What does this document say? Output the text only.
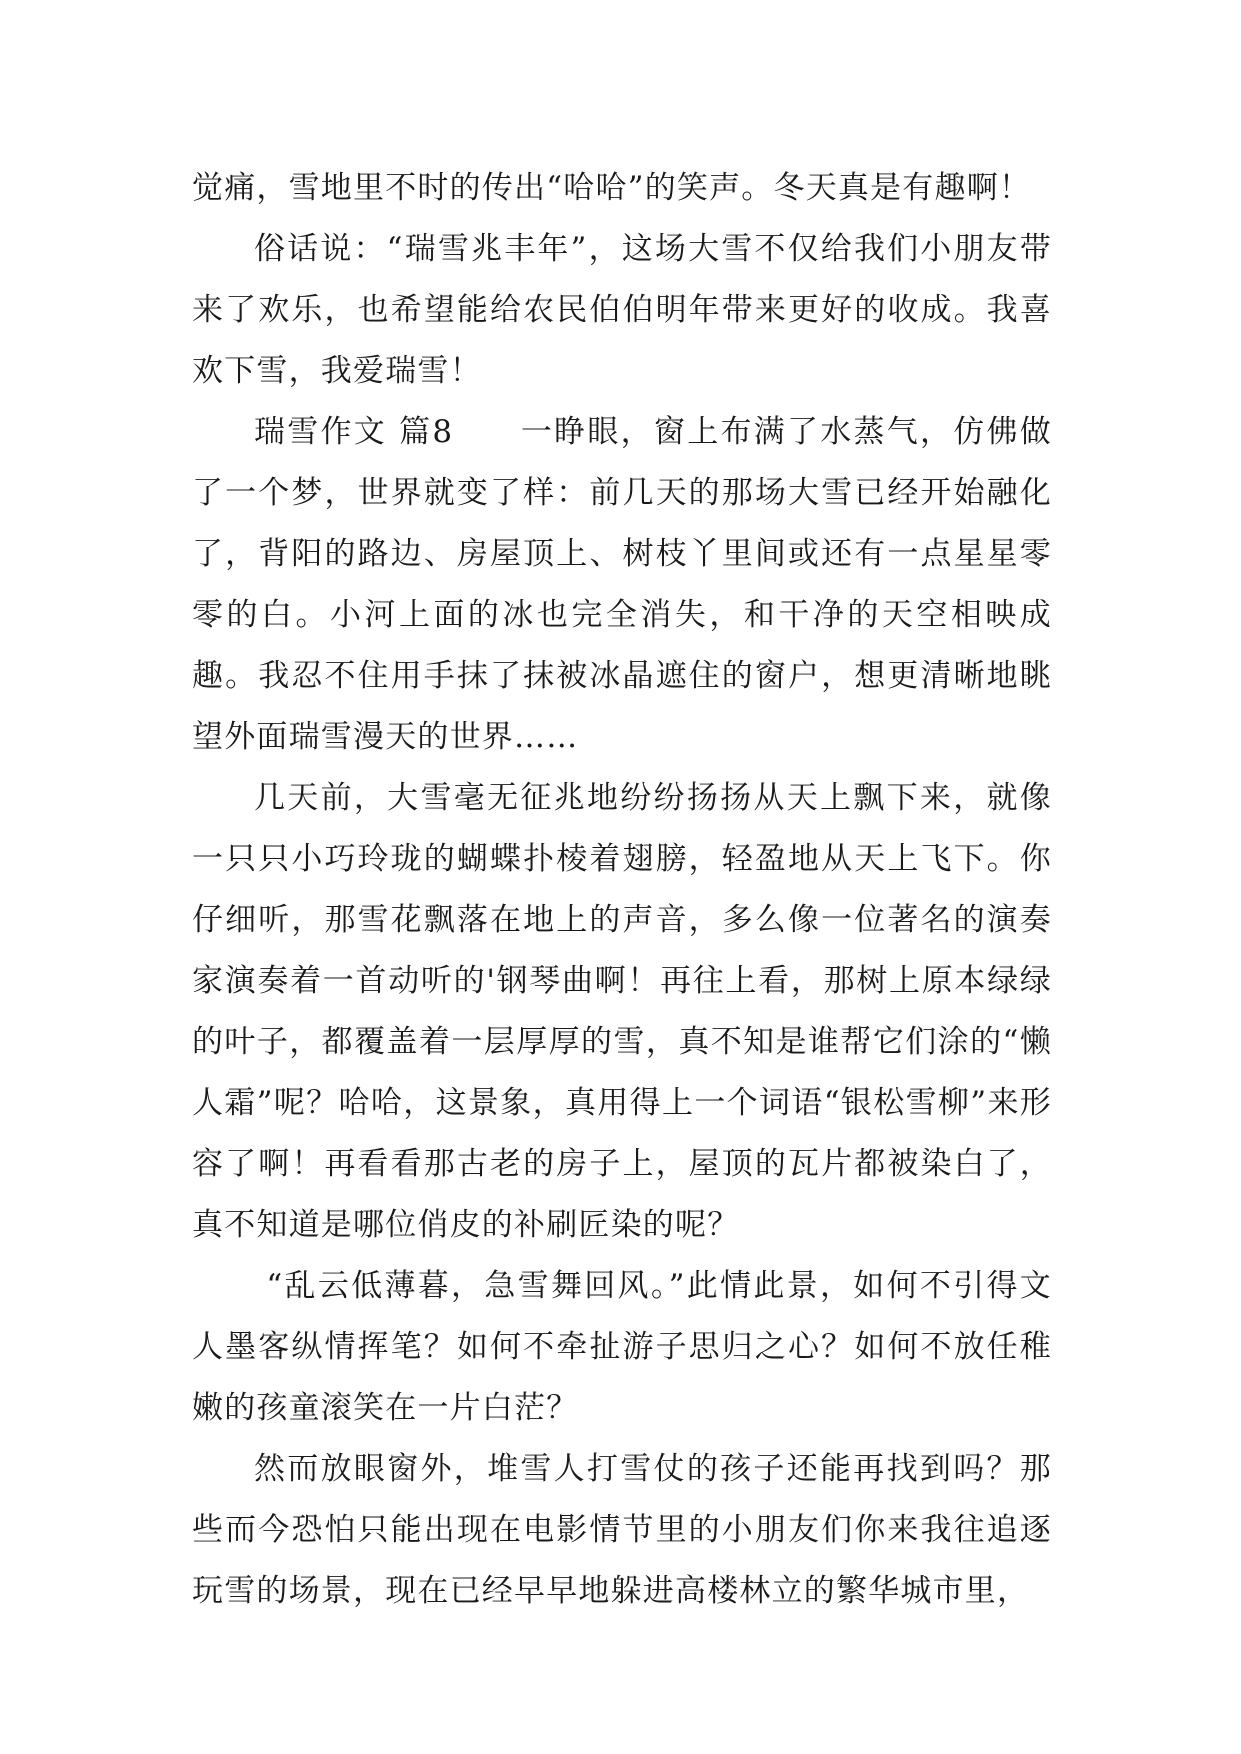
觉痛，雪地里不时的传出“哈哈”的笑声。冬天真是有趣啊！

俗话说：“瑞雪兆丰年”，这场大雪不仅给我们小朋友带来了欢乐，也希望能给农民伯伯明年带来更好的收成。我喜欢下雪，我爱瑞雪！

瑞雪作文 篇8　　一睁眼，窗上布满了水蒸气，仿佛做了一个梦，世界就变了样：前几天的那场大雪已经开始融化了，背阳的路边、房屋顶上、树枝丫里间或还有一点星星零零的白。小河上面的冰也完全消失，和干净的天空相映成趣。我忍不住用手抹了抹被冰晶遮住的窗户，想更清晰地眺望外面瑞雪漫天的世界……

几天前，大雪毫无征兆地纷纷扬扬从天上飘下来，就像一只只小巧玲珑的蝴蝶扑棱着翅膀，轻盈地从天上飞下。你仔细听，那雪花飘落在地上的声音，多么像一位著名的演奏家演奏着一首动听的'钢琴曲啊！再往上看，那树上原本绿绿的叶子，都覆盖着一层厚厚的雪，真不知是谁帮它们涂的“懒人霜”呢？哈哈，这景象，真用得上一个词语“银松雪柳”来形容了啊！再看看那古老的房子上，屋顶的瓦片都被染白了，真不知道是哪位俏皮的补刷匠染的呢？

“乱云低薄暮，急雪舞回风。”此情此景，如何不引得文人墨客纵情挥笔？如何不牵扯游子思归之心？如何不放任稚嫩的孩童滚笑在一片白茫？

然而放眼窗外，堆雪人打雪仗的孩子还能再找到吗？那些而今恐怕只能出现在电影情节里的小朋友们你来我往追逐玩雪的场景，现在已经早早地躲进高楼林立的繁华城市里，
